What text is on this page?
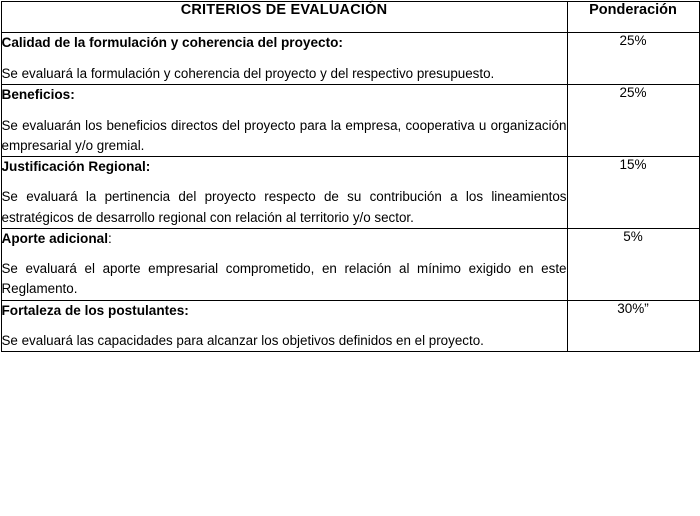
CRITERIOS DE EVALUACIÓN	Ponderación

Calidad de la formulación y coherencia del proyecto:

Se evaluará la formulación y coherencia del proyecto y del respectivo presupuesto.	25%

Beneficios:

Se evaluarán los beneficios directos del proyecto para la empresa, cooperativa u organización empresarial y/o gremial.	25%

Justificación Regional:

Se evaluará la pertinencia del proyecto respecto de su contribución a los lineamientos estratégicos de desarrollo regional con relación al territorio y/o sector.	15%

Aporte adicional:

Se evaluará el aporte empresarial comprometido, en relación al mínimo exigido en este Reglamento.	5%

Fortaleza de los postulantes:

Se evaluará las capacidades para alcanzar los objetivos definidos en el proyecto.	30%”
